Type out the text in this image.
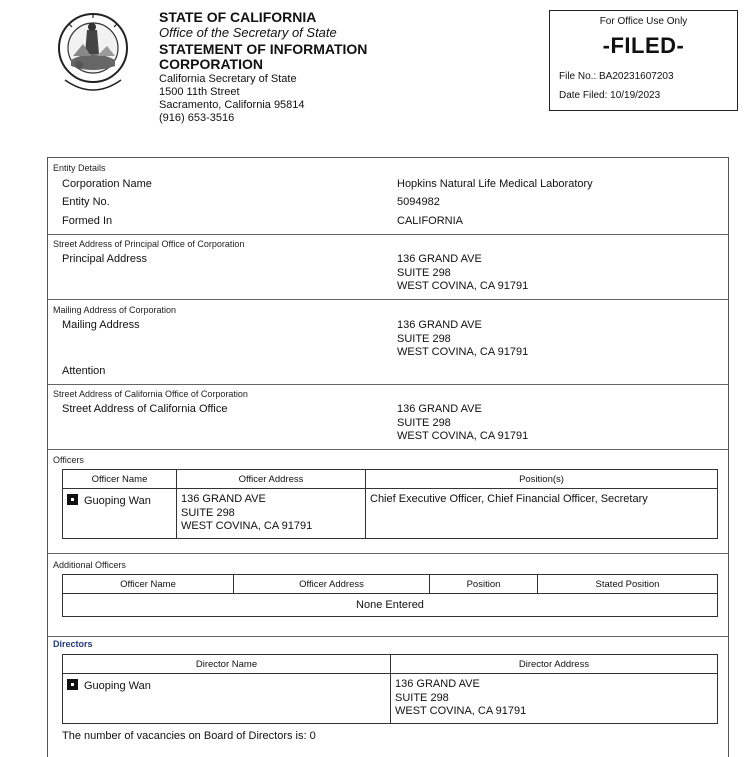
STATE OF CALIFORNIA
Office of the Secretary of State
STATEMENT OF INFORMATION CORPORATION
California Secretary of State
1500 11th Street
Sacramento, California 95814
(916) 653-3516
For Office Use Only
-FILED-
File No.: BA20231607203
Date Filed: 10/19/2023
Entity Details
Corporation Name	Hopkins Natural Life Medical Laboratory
Entity No.	5094982
Formed In	CALIFORNIA
Street Address of Principal Office of Corporation
Principal Address	136 GRAND AVE
SUITE 298
WEST COVINA, CA 91791
Mailing Address of Corporation
Mailing Address	136 GRAND AVE
SUITE 298
WEST COVINA, CA 91791
Attention
Street Address of California Office of Corporation
Street Address of California Office	136 GRAND AVE
SUITE 298
WEST COVINA, CA 91791
Officers
Officer Name	Officer Address	Position(s)
Guoping Wan	136 GRAND AVE
SUITE 298
WEST COVINA, CA 91791	Chief Executive Officer, Chief Financial Officer, Secretary
Additional Officers
Officer Name	Officer Address	Position	Stated Position
None Entered
Directors
Director Name	Director Address
Guoping Wan	136 GRAND AVE
SUITE 298
WEST COVINA, CA 91791
The number of vacancies on Board of Directors is: 0
